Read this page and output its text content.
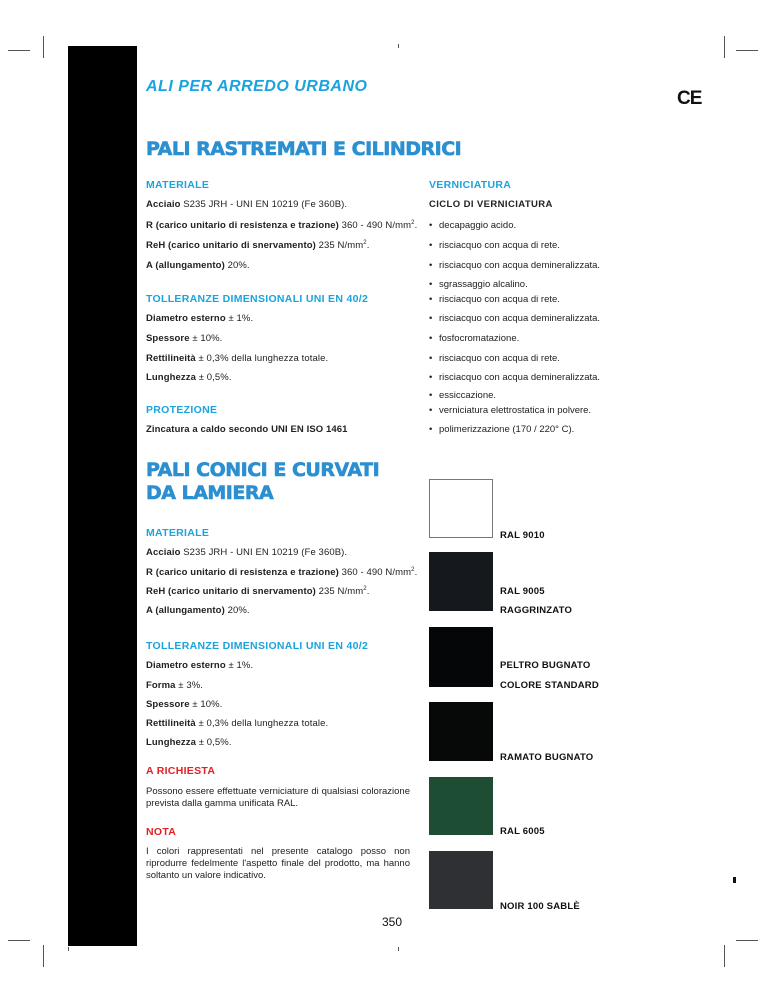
ALI PER ARREDO URBANO
CE
PALI RASTREMATI E CILINDRICI
MATERIALE
Acciaio S235 JRH - UNI EN 10219 (Fe 360B).
R (carico unitario di resistenza e trazione) 360 - 490 $N/mm^2$.
ReH (carico unitario di snervamento) 235 $N/mm^2$.
A (allungamento) 20%.
TOLLERANZE DIMENSIONALI UNI EN 40/2
Diametro esterno ± 1%.
Spessore ± 10%.
Rettilineità ± 0,3% della lunghezza totale.
Lunghezza ± 0,5%.
PROTEZIONE
Zincatura a caldo secondo UNI EN ISO 1461
VERNICIATURA
CICLO DI VERNICIATURA
• decapaggio acido.
• risciacquo con acqua di rete.
• risciacquo con acqua demineralizzata.
• sgrassaggio alcalino.
• risciacquo con acqua di rete.
• risciacquo con acqua demineralizzata.
• fosfocromatazione.
• risciacquo con acqua di rete.
• risciacquo con acqua demineralizzata.
• essiccazione.
• verniciatura elettrostatica in polvere.
• polimerizzazione (170 / 220° C).
PALI CONICI E CURVATI
DA LAMIERA
MATERIALE
Acciaio S235 JRH - UNI EN 10219 (Fe 360B).
R (carico unitario di resistenza e trazione) 360 - 490 $N/mm^2$.
ReH (carico unitario di snervamento) 235 $N/mm^2$.
A (allungamento) 20%.
TOLLERANZE DIMENSIONALI UNI EN 40/2
Diametro esterno ± 1%.
Forma ± 3%.
Spessore ± 10%.
Rettilineità ± 0,3% della lunghezza totale.
Lunghezza ± 0,5%.
A RICHIESTA
Possono essere effettuate verniciature di qualsiasi colorazione prevista dalla gamma unificata RAL.
NOTA
I colori rappresentati nel presente catalogo posso non riprodurre fedelmente l'aspetto finale del prodotto, ma hanno soltanto un valore indicativo.
RAL 9010
RAL 9005
RAGGRINZATO
PELTRO BUGNATO
COLORE STANDARD
RAMATO BUGNATO
RAL 6005
NOIR 100 SABLÈ
350
